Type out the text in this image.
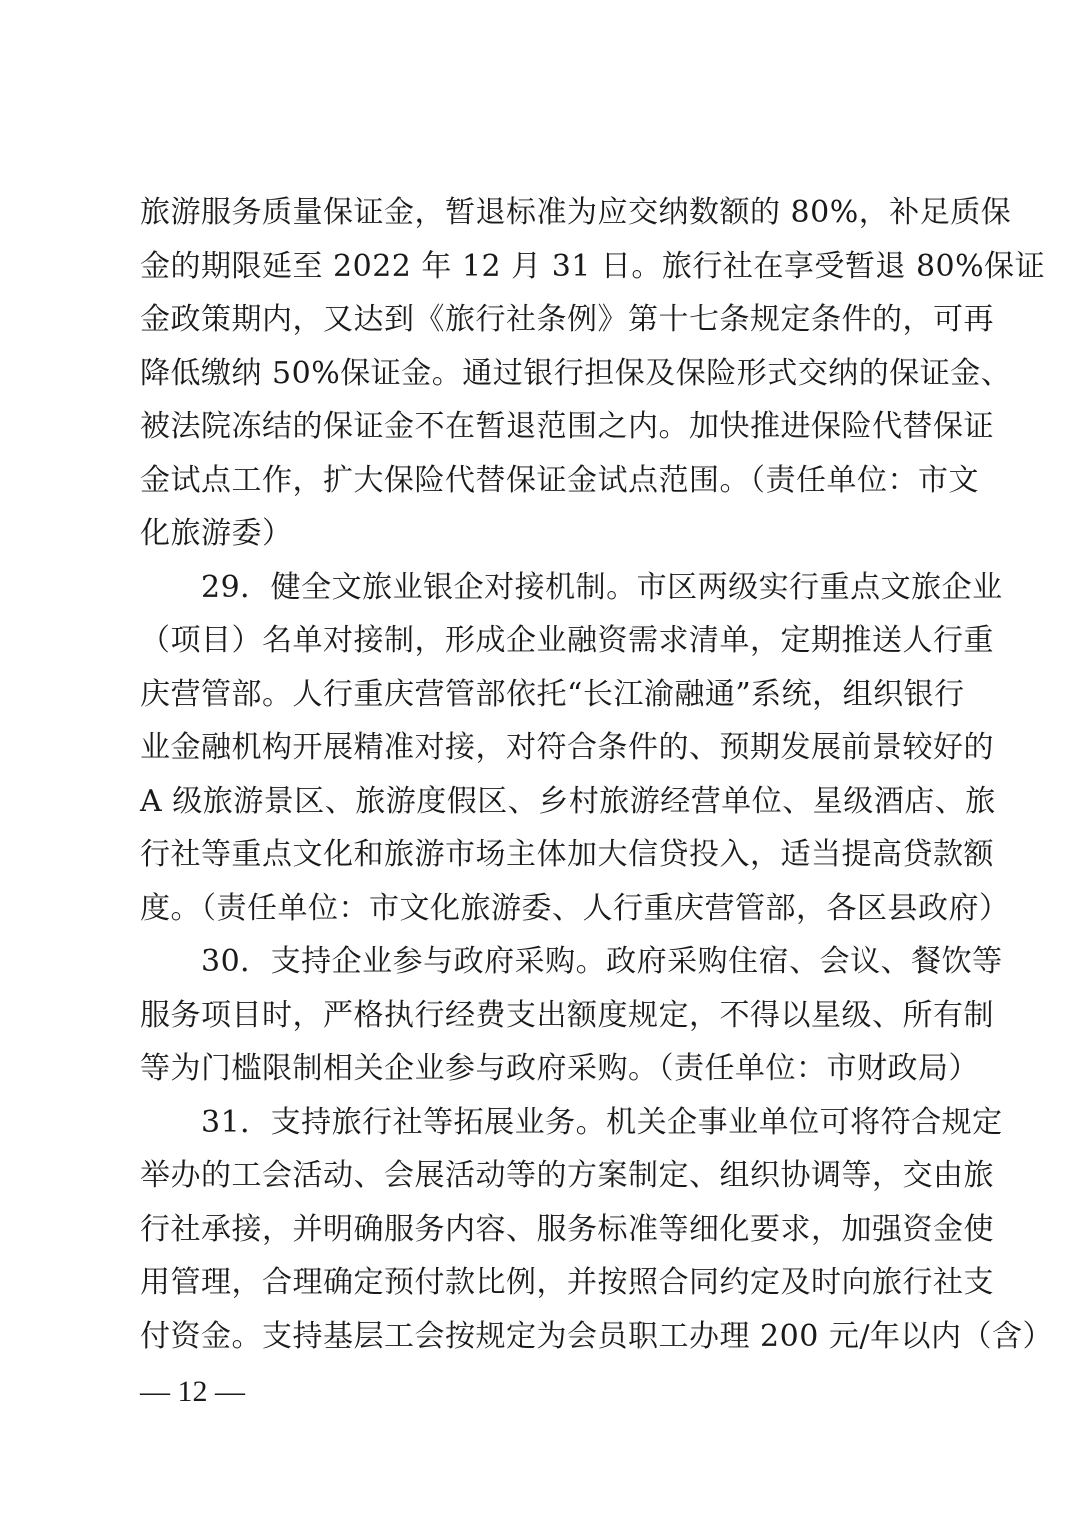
旅游服务质量保证金，暂退标准为应交纳数额的 80%，补足质保
金的期限延至 2022 年 12 月 31 日。旅行社在享受暂退 80%保证
金政策期内，又达到《旅行社条例》第十七条规定条件的，可再
降低缴纳 50%保证金。通过银行担保及保险形式交纳的保证金、
被法院冻结的保证金不在暂退范围之内。加快推进保险代替保证
金试点工作，扩大保险代替保证金试点范围。（责任单位：市文
化旅游委）
　　29．健全文旅业银企对接机制。市区两级实行重点文旅企业
（项目）名单对接制，形成企业融资需求清单，定期推送人行重
庆营管部。人行重庆营管部依托“长江渝融通”系统，组织银行
业金融机构开展精准对接，对符合条件的、预期发展前景较好的
A 级旅游景区、旅游度假区、乡村旅游经营单位、星级酒店、旅
行社等重点文化和旅游市场主体加大信贷投入，适当提高贷款额
度。（责任单位：市文化旅游委、人行重庆营管部，各区县政府）
　　30．支持企业参与政府采购。政府采购住宿、会议、餐饮等
服务项目时，严格执行经费支出额度规定，不得以星级、所有制
等为门槛限制相关企业参与政府采购。（责任单位：市财政局）
　　31．支持旅行社等拓展业务。机关企事业单位可将符合规定
举办的工会活动、会展活动等的方案制定、组织协调等，交由旅
行社承接，并明确服务内容、服务标准等细化要求，加强资金使
用管理，合理确定预付款比例，并按照合同约定及时向旅行社支
付资金。支持基层工会按规定为会员职工办理 200 元/年以内（含）
— 12 —
